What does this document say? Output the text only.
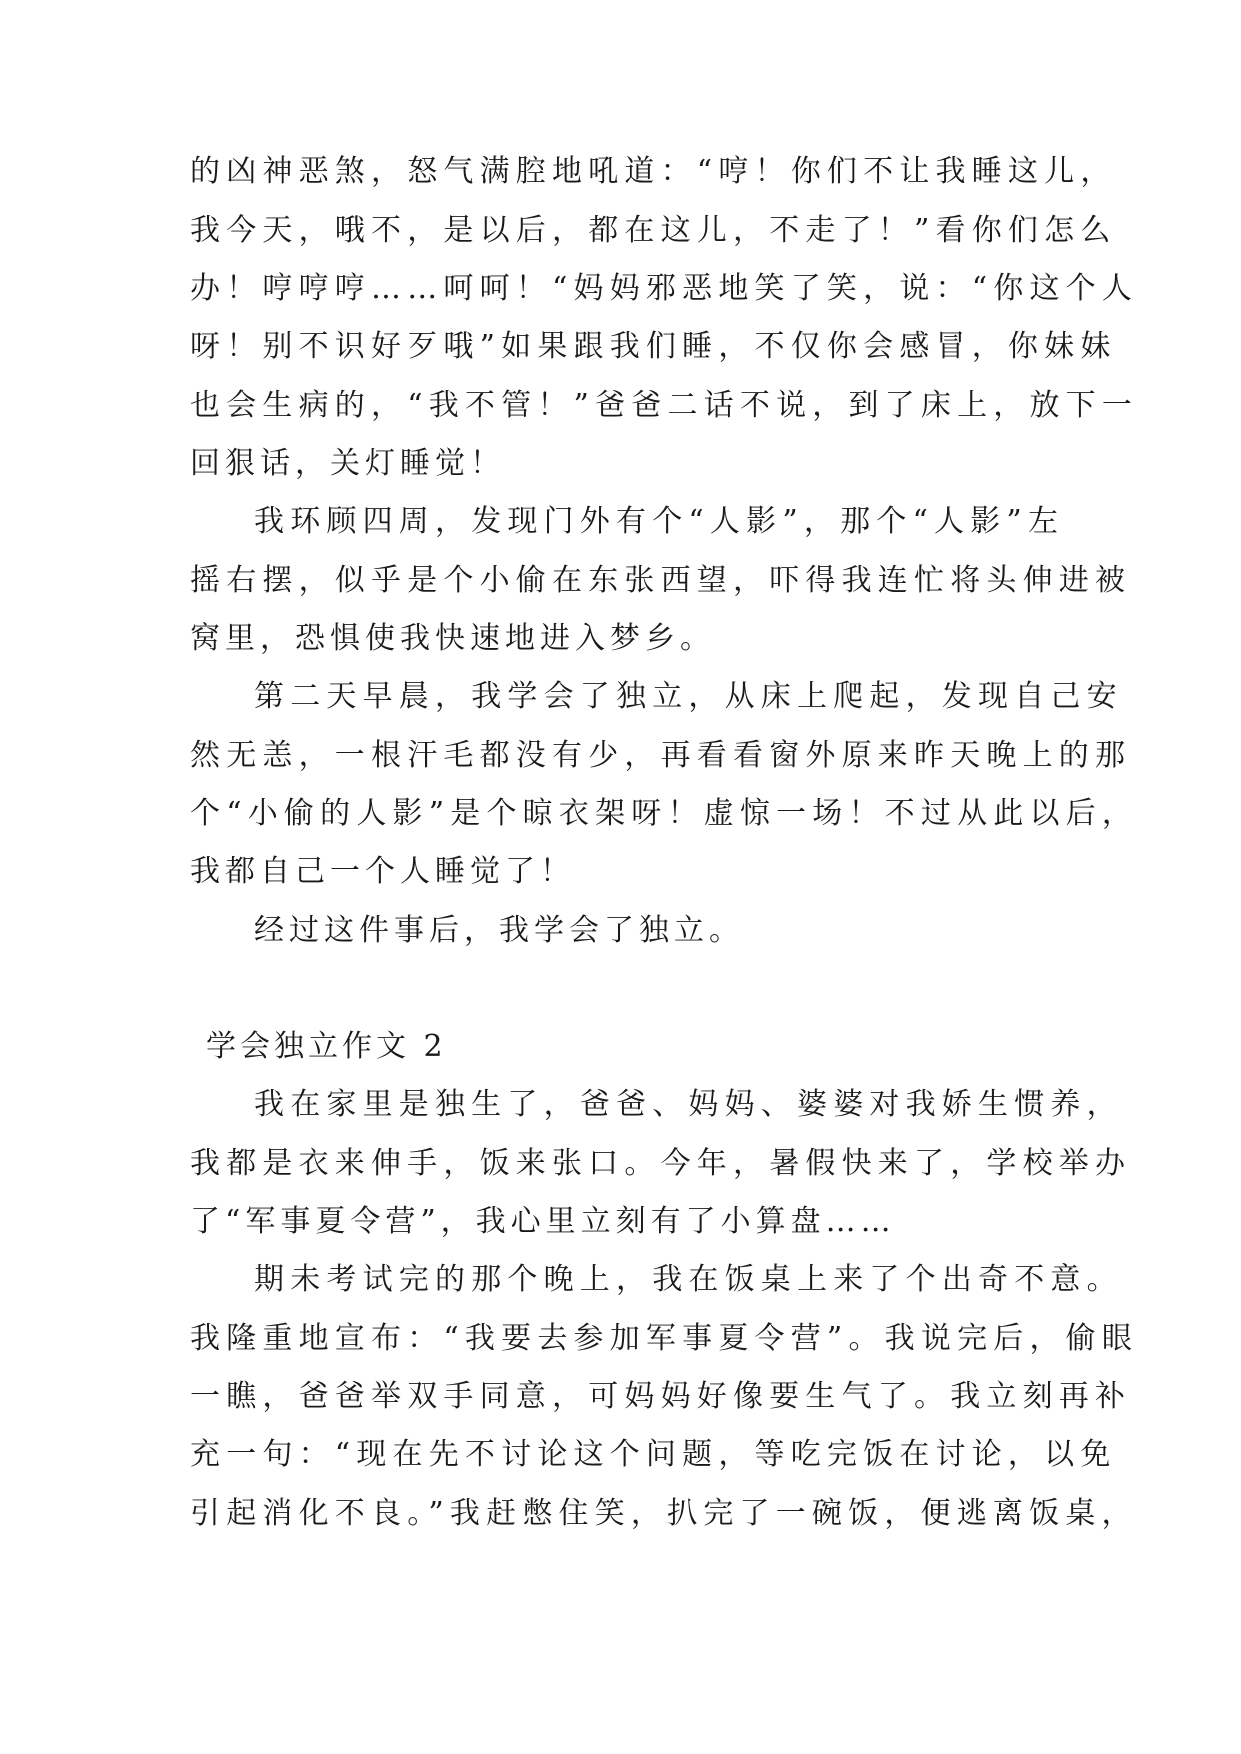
的凶神恶煞，怒气满腔地吼道：“哼！你们不让我睡这儿，
我今天，哦不，是以后，都在这儿，不走了！”看你们怎么
办！哼哼哼……呵呵！“妈妈邪恶地笑了笑，说：“你这个人
呀！别不识好歹哦”如果跟我们睡，不仅你会感冒，你妹妹
也会生病的，“我不管！”爸爸二话不说，到了床上，放下一
回狠话，关灯睡觉！
我环顾四周，发现门外有个“人影”，那个“人影”左
摇右摆，似乎是个小偷在东张西望，吓得我连忙将头伸进被
窝里，恐惧使我快速地进入梦乡。
第二天早晨，我学会了独立，从床上爬起，发现自己安
然无恙，一根汗毛都没有少，再看看窗外原来昨天晚上的那
个“小偷的人影”是个晾衣架呀！虚惊一场！不过从此以后，
我都自己一个人睡觉了！
经过这件事后，我学会了独立。
学会独立作文 2
我在家里是独生了，爸爸、妈妈、婆婆对我娇生惯养，
我都是衣来伸手，饭来张口。今年，暑假快来了，学校举办
了“军事夏令营”，我心里立刻有了小算盘……
期未考试完的那个晚上，我在饭桌上来了个出奇不意。
我隆重地宣布：“我要去参加军事夏令营”。我说完后，偷眼
一瞧，爸爸举双手同意，可妈妈好像要生气了。我立刻再补
充一句：“现在先不讨论这个问题，等吃完饭在讨论，以免
引起消化不良。”我赶憋住笑，扒完了一碗饭，便逃离饭桌，
